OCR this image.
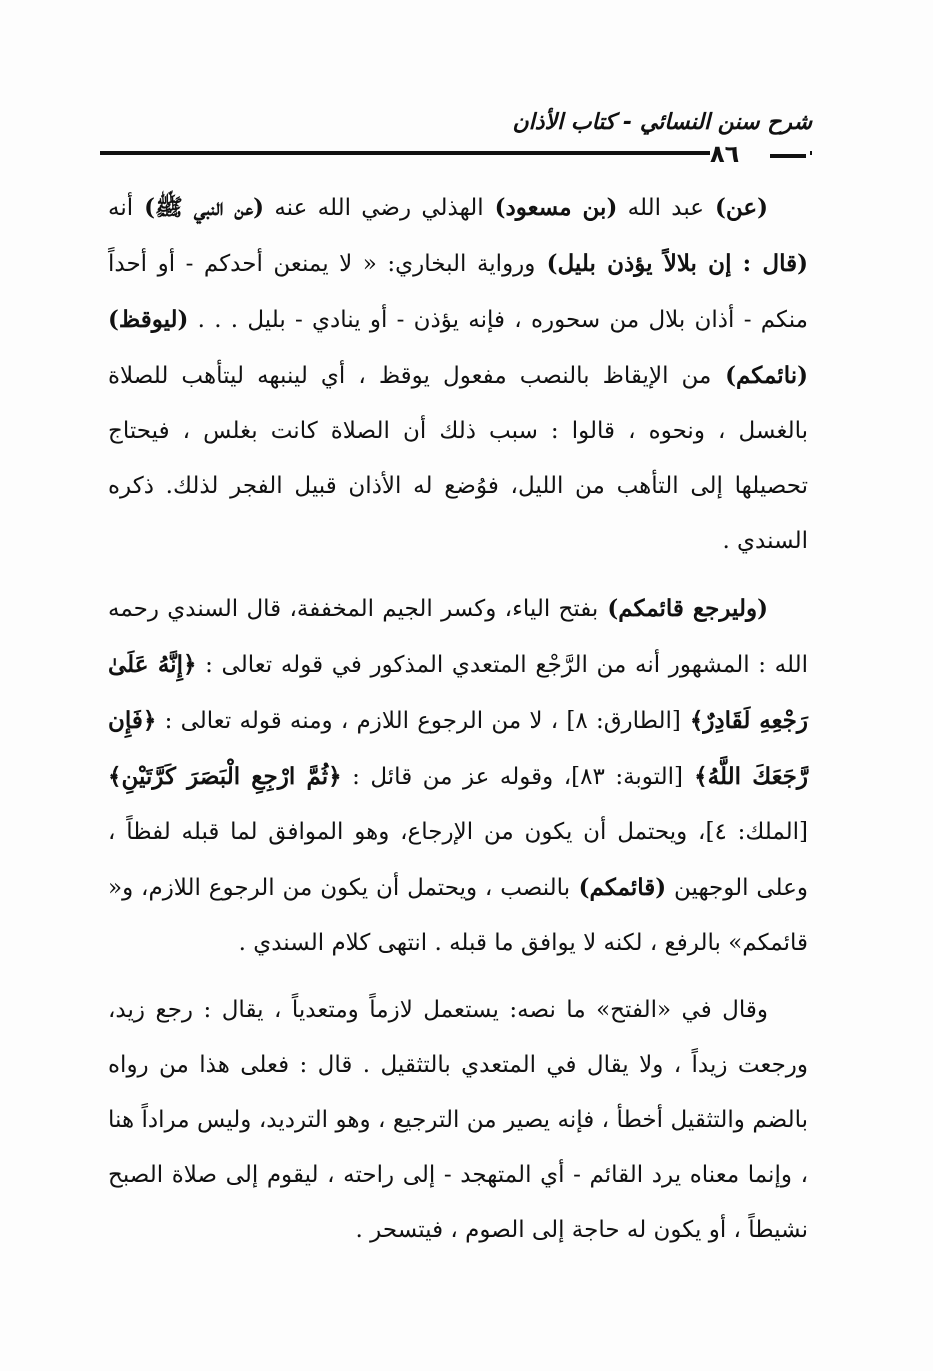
شرح سنن النسائي - كتاب الأذان
٨٦

(عن) عبد الله (بن مسعود) الهذلي رضي الله عنه (عن النبي ﷺ) أنه (قال : إن بلالاً يؤذن بليل) ورواية البخاري: « لا يمنعن أحدكم - أو أحداً منكم - أذان بلال من سحوره ، فإنه يؤذن - أو ينادي - بليل . . . (ليوقظ) (نائمكم) من الإيقاظ بالنصب مفعول يوقظ ، أي لينبهه ليتأهب للصلاة بالغسل ، ونحوه ، قالوا : سبب ذلك أن الصلاة كانت بغلس ، فيحتاج تحصيلها إلى التأهب من الليل، فوُضع له الأذان قبيل الفجر لذلك. ذكره السندي .

(وليرجع قائمكم) بفتح الياء، وكسر الجيم المخففة، قال السندي رحمه الله : المشهور أنه من الرَّجْع المتعدي المذكور في قوله تعالى : ﴿إِنَّهُ عَلَىٰ رَجْعِهِ لَقَادِرٌ﴾ [الطارق: ٨] ، لا من الرجوع اللازم ، ومنه قوله تعالى : ﴿فَإِن رَّجَعَكَ اللَّهُ﴾ [التوبة: ٨٣]، وقوله عز من قائل : ﴿ثُمَّ ارْجِعِ الْبَصَرَ كَرَّتَيْنِ﴾ [الملك: ٤]، ويحتمل أن يكون من الإرجاع، وهو الموافق لما قبله لفظاً ، وعلى الوجهين (قائمكم) بالنصب ، ويحتمل أن يكون من الرجوع اللازم، و« قائمكم» بالرفع ، لكنه لا يوافق ما قبله . انتهى كلام السندي .

وقال في «الفتح» ما نصه: يستعمل لازماً ومتعدياً ، يقال : رجع زيد، ورجعت زيداً ، ولا يقال في المتعدي بالتثقيل . قال : فعلى هذا من رواه بالضم والتثقيل أخطأ ، فإنه يصير من الترجيع ، وهو الترديد، وليس مراداً هنا ، وإنما معناه يرد القائم - أي المتهجد - إلى راحته ، ليقوم إلى صلاة الصبح نشيطاً ، أو يكون له حاجة إلى الصوم ، فيتسحر .
